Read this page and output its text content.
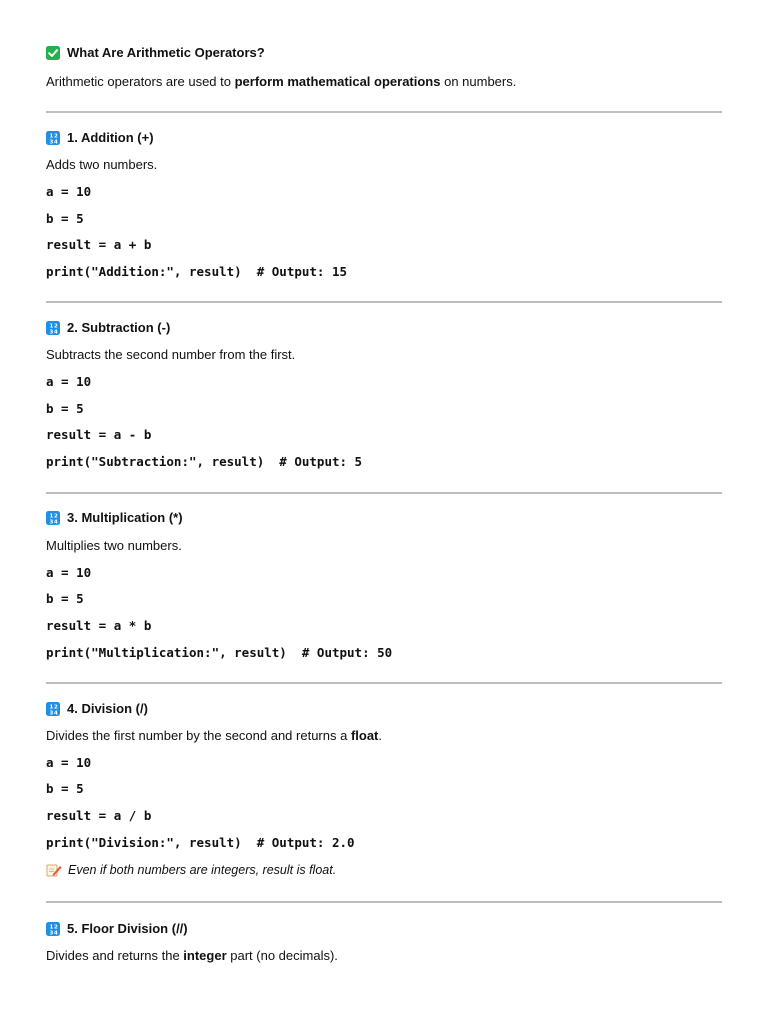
What Are Arithmetic Operators?
Arithmetic operators are used to perform mathematical operations on numbers.
1 2
3 4 1. Addition (+)
Adds two numbers.
a = 10
b = 5
result = a + b
print("Addition:", result)  # Output: 15
1 2
3 4 2. Subtraction (-)
Subtracts the second number from the first.
a = 10
b = 5
result = a - b
print("Subtraction:", result)  # Output: 5
1 2
3 4 3. Multiplication (*)
Multiplies two numbers.
a = 10
b = 5
result = a * b
print("Multiplication:", result)  # Output: 50
1 2
3 4 4. Division (/)
Divides the first number by the second and returns a float.
a = 10
b = 5
result = a / b
print("Division:", result)  # Output: 2.0
Even if both numbers are integers, result is float.
1 2
3 4 5. Floor Division (//)
Divides and returns the integer part (no decimals).
